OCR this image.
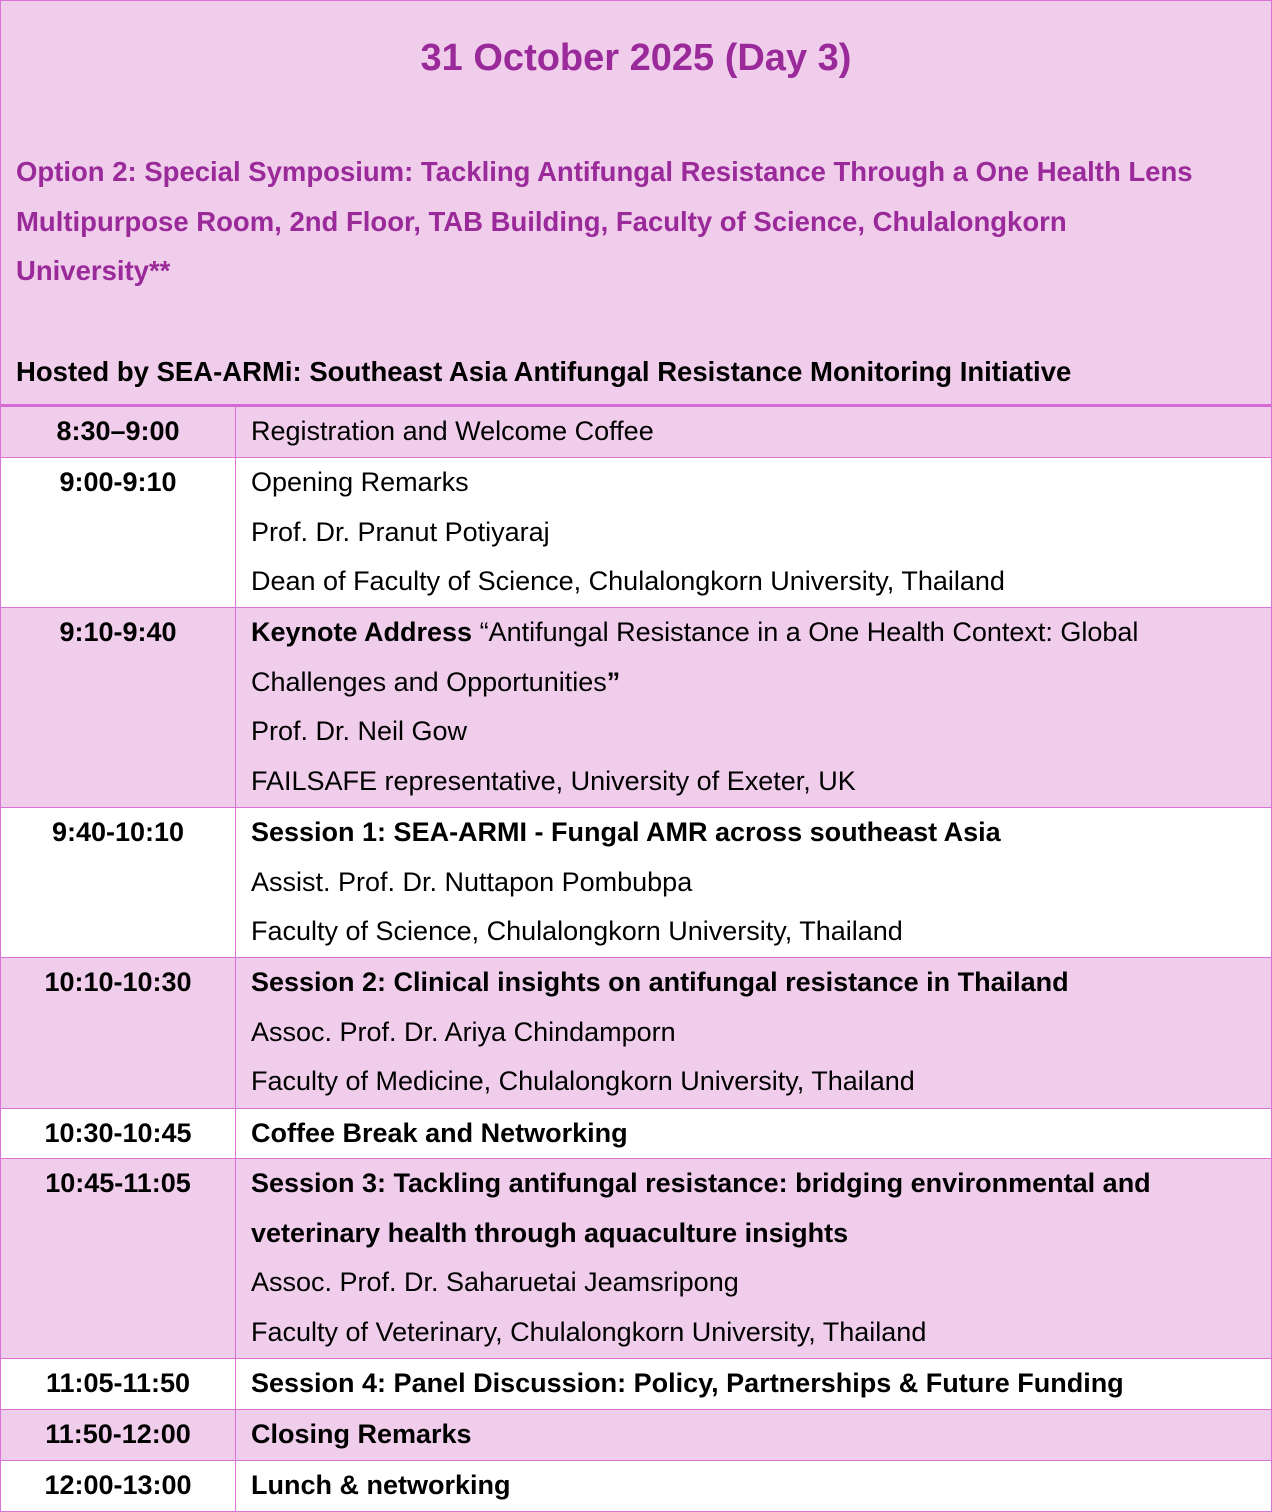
31 October 2025 (Day 3)
Option 2: Special Symposium: Tackling Antifungal Resistance Through a One Health Lens
Multipurpose Room, 2nd Floor, TAB Building, Faculty of Science, Chulalongkorn
University**
Hosted by SEA-ARMi: Southeast Asia Antifungal Resistance Monitoring Initiative
8:30–9:00	Registration and Welcome Coffee
9:00-9:10	Opening Remarks
Prof. Dr. Pranut Potiyaraj
Dean of Faculty of Science, Chulalongkorn University, Thailand
9:10-9:40	Keynote Address “Antifungal Resistance in a One Health Context: Global
Challenges and Opportunities”
Prof. Dr. Neil Gow
FAILSAFE representative, University of Exeter, UK
9:40-10:10	Session 1: SEA-ARMI - Fungal AMR across southeast Asia
Assist. Prof. Dr. Nuttapon Pombubpa
Faculty of Science, Chulalongkorn University, Thailand
10:10-10:30	Session 2: Clinical insights on antifungal resistance in Thailand
Assoc. Prof. Dr. Ariya Chindamporn
Faculty of Medicine, Chulalongkorn University, Thailand
10:30-10:45	Coffee Break and Networking
10:45-11:05	Session 3: Tackling antifungal resistance: bridging environmental and
veterinary health through aquaculture insights
Assoc. Prof. Dr. Saharuetai Jeamsripong
Faculty of Veterinary, Chulalongkorn University, Thailand
11:05-11:50	Session 4: Panel Discussion: Policy, Partnerships & Future Funding
11:50-12:00	Closing Remarks
12:00-13:00	Lunch & networking
